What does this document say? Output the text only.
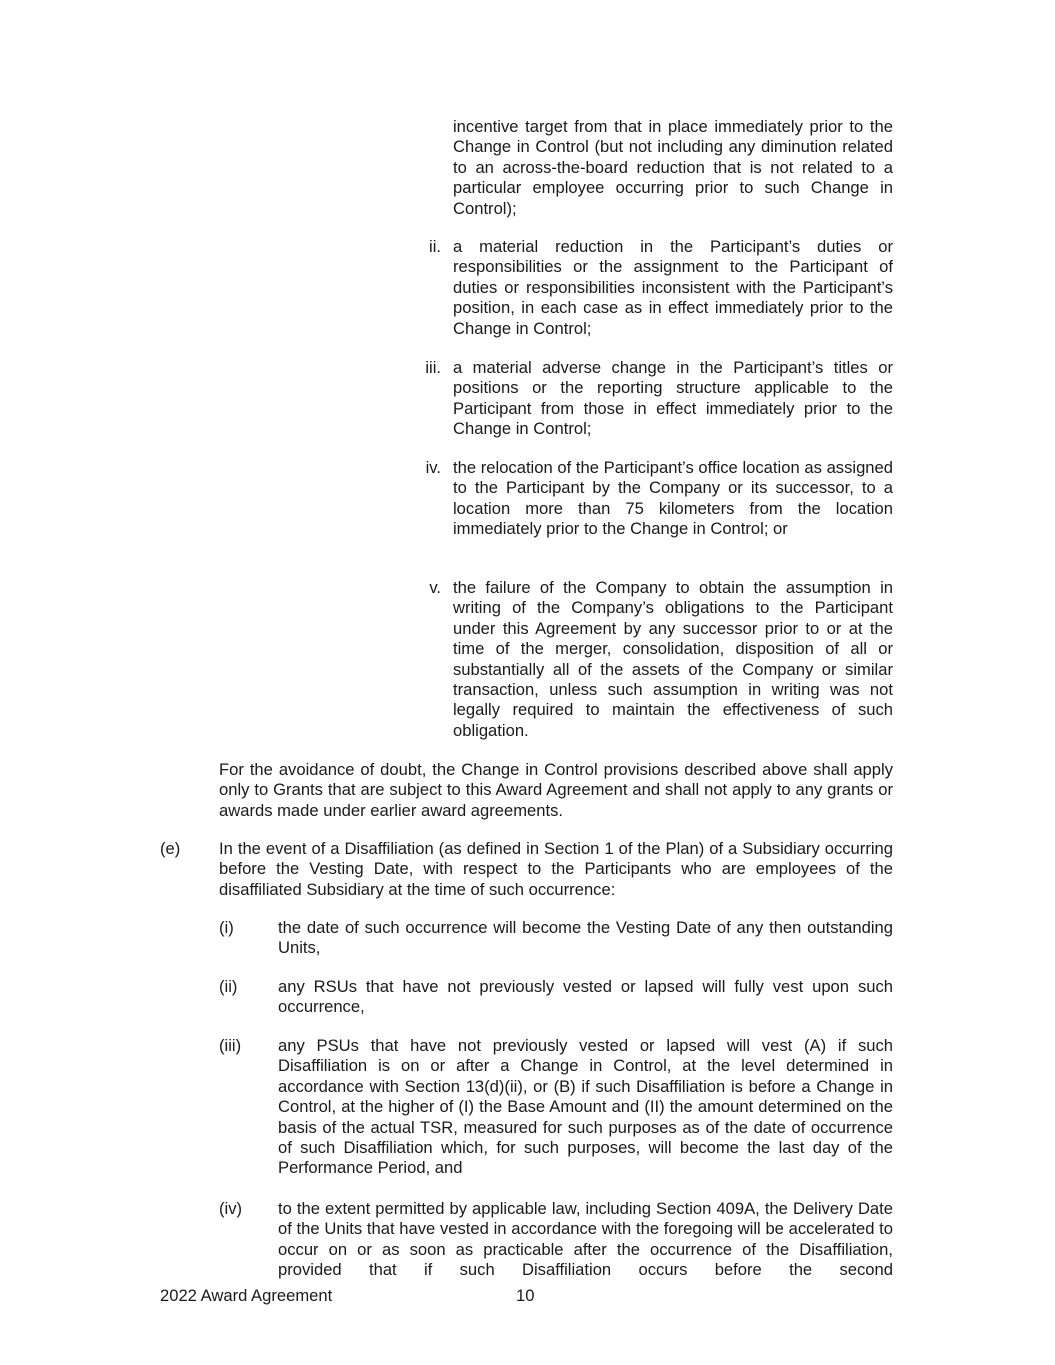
incentive target from that in place immediately prior to the Change in Control (but not including any diminution related to an across-the-board reduction that is not related to a particular employee occurring prior to such Change in Control);

ii. a material reduction in the Participant’s duties or responsibilities or the assignment to the Participant of duties or responsibilities inconsistent with the Participant’s position, in each case as in effect immediately prior to the Change in Control;

iii. a material adverse change in the Participant’s titles or positions or the reporting structure applicable to the Participant from those in effect immediately prior to the Change in Control;

iv. the relocation of the Participant’s office location as assigned to the Participant by the Company or its successor, to a location more than 75 kilometers from the location immediately prior to the Change in Control; or

v. the failure of the Company to obtain the assumption in writing of the Company’s obligations to the Participant under this Agreement by any successor prior to or at the time of the merger, consolidation, disposition of all or substantially all of the assets of the Company or similar transaction, unless such assumption in writing was not legally required to maintain the effectiveness of such obligation.

For the avoidance of doubt, the Change in Control provisions described above shall apply only to Grants that are subject to this Award Agreement and shall not apply to any grants or awards made under earlier award agreements.

(e) In the event of a Disaffiliation (as defined in Section 1 of the Plan) of a Subsidiary occurring before the Vesting Date, with respect to the Participants who are employees of the disaffiliated Subsidiary at the time of such occurrence:

(i)	the date of such occurrence will become the Vesting Date of any then outstanding Units,

(ii) any RSUs that have not previously vested or lapsed will fully vest upon such occurrence,

(iii) any PSUs that have not previously vested or lapsed will vest (A) if such Disaffiliation is on or after a Change in Control, at the level determined in accordance with Section 13(d)(ii), or (B) if such Disaffiliation is before a Change in Control, at the higher of (I) the Base Amount and (II) the amount determined on the basis of the actual TSR, measured for such purposes as of the date of occurrence of such Disaffiliation which, for such purposes, will become the last day of the Performance Period, and

(iv) to the extent permitted by applicable law, including Section 409A, the Delivery Date of the Units that have vested in accordance with the foregoing will be accelerated to occur on or as soon as practicable after the occurrence of the Disaffiliation, provided that if such Disaffiliation occurs before the second

2022 Award Agreement	10
